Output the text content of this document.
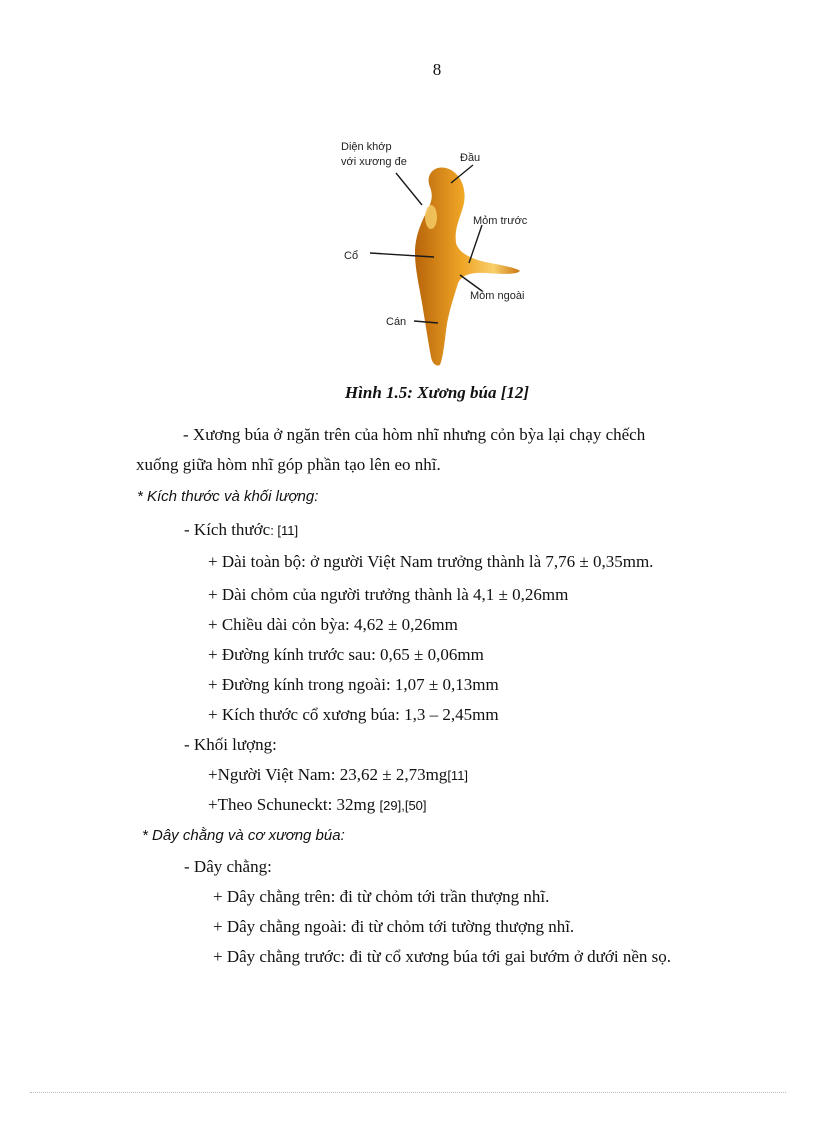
8
Diện khớp
với xương đe	Đầu
Mỏm trước
Cổ
Mỏm ngoài
Cán
Hình 1.5: Xương búa [12]
- Xương búa ở ngăn trên của hòm nhĩ nhưng cỏn bỳa lại chạy chếch
xuống giữa hòm nhĩ góp phần tạo lên eo nhĩ.
* Kích thước và khối lượng:
- Kích thước: [11]
+ Dài toàn bộ: ở người Việt Nam trưởng thành là 7,76 ± 0,35mm.
+ Dài chỏm của người trưởng thành là 4,1 ± 0,26mm
+ Chiều dài cỏn bỳa: 4,62 ± 0,26mm
+ Đường kính trước sau: 0,65 ± 0,06mm
+ Đường kính trong ngoài: 1,07 ± 0,13mm
+ Kích thước cổ xương búa: 1,3 – 2,45mm
- Khối lượng:
+Người Việt Nam: 23,62 ± 2,73mg[11]
+Theo Schuneckt: 32mg [29],[50]
* Dây chằng và cơ xương búa:
- Dây chằng:
+ Dây chằng trên: đi từ chỏm tới trần thượng nhĩ.
+ Dây chằng ngoài: đi từ chỏm tới tường thượng nhĩ.
+ Dây chằng trước: đi từ cổ xương búa tới gai bướm ở dưới nền sọ.
